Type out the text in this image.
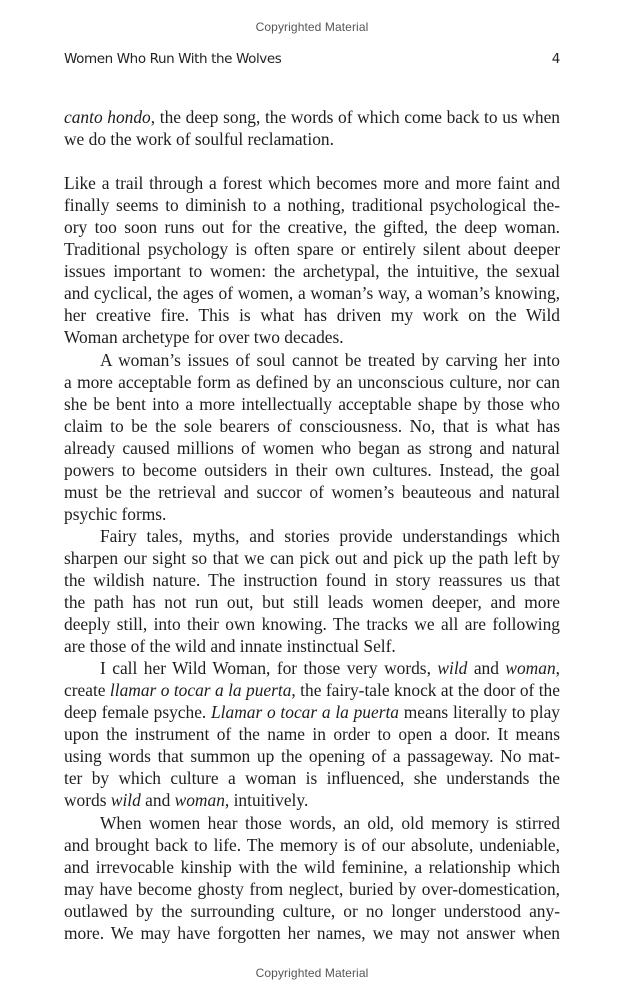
Copyrighted Material
Women Who Run With the Wolves	4
canto hondo, the deep song, the words of which come back to us when
we do the work of soulful reclamation.
Like a trail through a forest which becomes more and more faint and
finally seems to diminish to a nothing, traditional psychological the-
ory too soon runs out for the creative, the gifted, the deep woman.
Traditional psychology is often spare or entirely silent about deeper
issues important to women: the archetypal, the intuitive, the sexual
and cyclical, the ages of women, a woman’s way, a woman’s knowing,
her creative fire. This is what has driven my work on the Wild
Woman archetype for over two decades.
A woman’s issues of soul cannot be treated by carving her into
a more acceptable form as defined by an unconscious culture, nor can
she be bent into a more intellectually acceptable shape by those who
claim to be the sole bearers of consciousness. No, that is what has
already caused millions of women who began as strong and natural
powers to become outsiders in their own cultures. Instead, the goal
must be the retrieval and succor of women’s beauteous and natural
psychic forms.
Fairy tales, myths, and stories provide understandings which
sharpen our sight so that we can pick out and pick up the path left by
the wildish nature. The instruction found in story reassures us that
the path has not run out, but still leads women deeper, and more
deeply still, into their own knowing. The tracks we all are following
are those of the wild and innate instinctual Self.
I call her Wild Woman, for those very words, wild and woman,
create llamar o tocar a la puerta, the fairy-tale knock at the door of the
deep female psyche. Llamar o tocar a la puerta means literally to play
upon the instrument of the name in order to open a door. It means
using words that summon up the opening of a passageway. No mat-
ter by which culture a woman is influenced, she understands the
words wild and woman, intuitively.
When women hear those words, an old, old memory is stirred
and brought back to life. The memory is of our absolute, undeniable,
and irrevocable kinship with the wild feminine, a relationship which
may have become ghosty from neglect, buried by over-domestication,
outlawed by the surrounding culture, or no longer understood any-
more. We may have forgotten her names, we may not answer when
Copyrighted Material
